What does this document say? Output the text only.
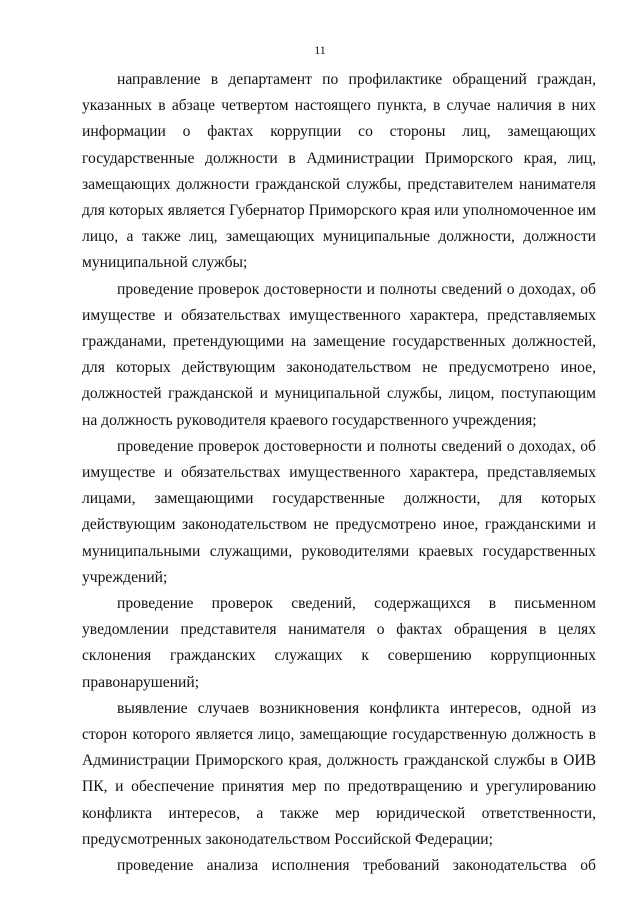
11

направление в департамент по профилактике обращений граждан, указанных в абзаце четвертом настоящего пункта, в случае наличия в них информации о фактах коррупции со стороны лиц, замещающих государственные должности в Администрации Приморского края, лиц, замещающих должности гражданской службы, представителем нанимателя для которых является Губернатор Приморского края или уполномоченное им лицо, а также лиц, замещающих муниципальные должности, должности муниципальной службы;

проведение проверок достоверности и полноты сведений о доходах, об имуществе и обязательствах имущественного характера, представляемых гражданами, претендующими на замещение государственных должностей, для которых действующим законодательством не предусмотрено иное, должностей гражданской и муниципальной службы, лицом, поступающим на должность руководителя краевого государственного учреждения;

проведение проверок достоверности и полноты сведений о доходах, об имуществе и обязательствах имущественного характера, представляемых лицами, замещающими государственные должности, для которых действующим законодательством не предусмотрено иное, гражданскими и муниципальными служащими, руководителями краевых государственных учреждений;

проведение проверок сведений, содержащихся в письменном уведомлении представителя нанимателя о фактах обращения в целях склонения гражданских служащих к совершению коррупционных правонарушений;

выявление случаев возникновения конфликта интересов, одной из сторон которого является лицо, замещающие государственную должность в Администрации Приморского края, должность гражданской службы в ОИВ ПК, и обеспечение принятия мер по предотвращению и урегулированию конфликта интересов, а также мер юридической ответственности, предусмотренных законодательством Российской Федерации;

проведение анализа исполнения требований законодательства об
